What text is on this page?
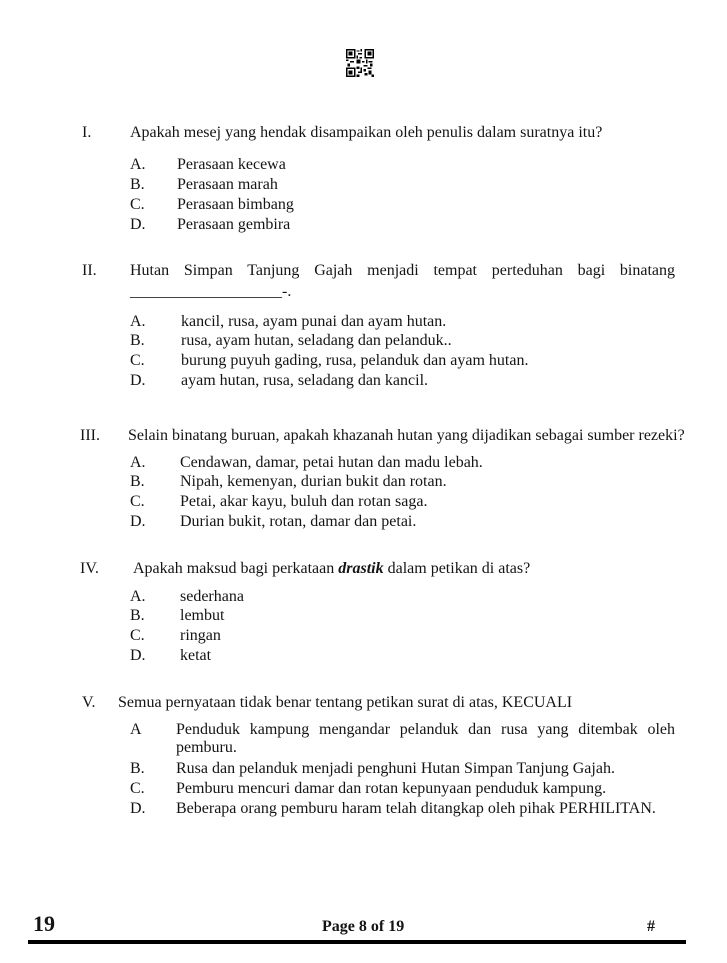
I. Apakah mesej yang hendak disampaikan oleh penulis dalam suratnya itu?
A. Perasaan kecewa
B. Perasaan marah
C. Perasaan bimbang
D. Perasaan gembira
II. Hutan Simpan Tanjung Gajah menjadi tempat perteduhan bagi binatang
___________________-.
A. kancil, rusa, ayam punai dan ayam hutan.
B. rusa, ayam hutan, seladang dan pelanduk..
C. burung puyuh gading, rusa, pelanduk dan ayam hutan.
D. ayam hutan, rusa, seladang dan kancil.
III. Selain binatang buruan, apakah khazanah hutan yang dijadikan sebagai sumber rezeki?
A. Cendawan, damar, petai hutan dan madu lebah.
B. Nipah, kemenyan, durian bukit dan rotan.
C. Petai, akar kayu, buluh dan rotan saga.
D. Durian bukit, rotan, damar dan petai.
IV. Apakah maksud bagi perkataan drastik dalam petikan di atas?
A. sederhana
B. lembut
C. ringan
D. ketat
V. Semua pernyataan tidak benar tentang petikan surat di atas, KECUALI
A Penduduk kampung mengandar pelanduk dan rusa yang ditembak oleh
pemburu.
B. Rusa dan pelanduk menjadi penghuni Hutan Simpan Tanjung Gajah.
C. Pemburu mencuri damar dan rotan kepunyaan penduduk kampung.
D. Beberapa orang pemburu haram telah ditangkap oleh pihak PERHILITAN.
19	Page 8 of 19	#
